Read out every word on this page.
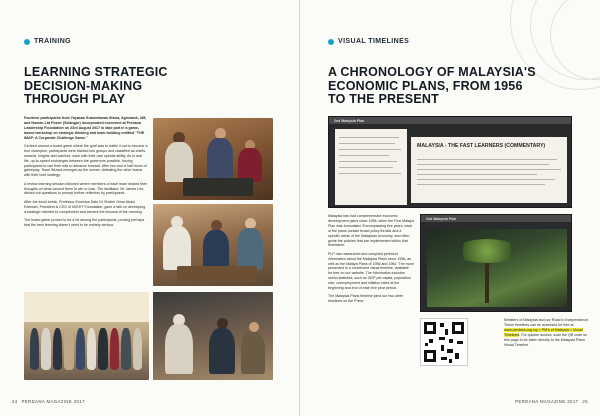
TRAINING
LEARNING STRATEGIC
DECISION-MAKING
THROUGH PLAY

Fourteen participants from Yayasan Sukarelawan Siswa, Agrobank, UM, and Human Ltd Power (Selangor) Incorporated convened at Perdana Leadership Foundation on 23rd August 2017 to take part in a game-based workshop on strategic thinking and team building entitled "THE IMAP: A Corporate Challenge Game."

Centred around a board game where the goal was to battle it out to become a true champion, participants were divided into groups and classified as chiefs, wizards, knights and warriors, each with their own special ability. As in real life, up-to-speed exchanges between the governors possible, forcing participants to use their wits to advance forward. After two and a half hours of gameplay, Team Wizard emerged as the winner, defeating the other teams with their bold strategy.

A review learning session followed where members of each team shared their thoughts on what caused them to win or lose. The facilitator, Mr James Lee, dished out questions to prompt further reflection by participants.

After the lunch break, Professor Emeritus Dato Dr Sheikh Omar Abdul Rahman, President & CEO of MIGHT Foundation, gave a talk on developing a strategic mindset to complement and cement the lessons of the morning.

The board game proved to be a hit among the participants, proving perhaps that the best learning doesn't need to be entirely serious.

24 PERDANA MAGAZINE 2017
VISUAL TIMELINES
A CHRONOLOGY OF MALAYSIA'S
ECONOMIC PLANS, FROM 1956
TO THE PRESENT
2nd Malaysia Plan
MALAYSIA - THE FAST LEARNERS (COMMENTARY)

Malaysia has had comprehensive economic development plans since 1956, when the First Malaya Plan was formulated. Encompassing five years, each of the plans contain broad policy thrusts and a specific areas of the Malaysian economy, and often guide the policies that are implemented within that timeframe.

PLF has researched and compiled pertinent information about the Malaysia Plans since 1956, as well as the Malaya Plans of 1956 and 1961. The more presented in a convenient visual timeline, available for free on our website. The information includes useful statistics, such as GDP per capita, population size, unemployment and inflation rates at the beginning and end of each five year period.

The Malaysia Plans timeline joins our two other timelines on the Prime

2nd Malaysia Plan

Ministers of Malaysia and our Road to Independence. These timelines can be accessed for free at www.perdana.org.my > PM's of Malaysia > Visual Timelines. For quicker access, scan the QR code on this page to be taken directly to the Malaysia Plans Visual Timeline.

PERDANA MAGAZINE 2017 25
